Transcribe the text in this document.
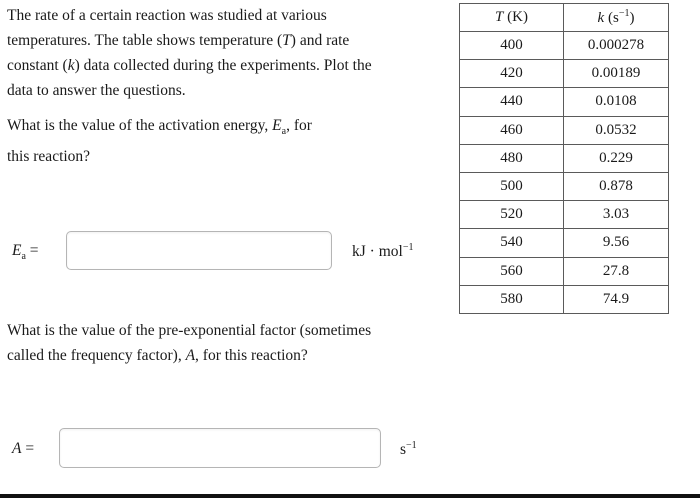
The rate of a certain reaction was studied at various
temperatures. The table shows temperature (T) and rate
constant (k) data collected during the experiments. Plot the
data to answer the questions.

What is the value of the activation energy, $E_a$, for
this reaction?

$E_a$ =	kJ · mol$^{-1}$

What is the value of the pre-exponential factor (sometimes
called the frequency factor), A, for this reaction?

A =	$s^{-1}$
T (K)	k $(s^{-1})$
400	0.000278
420	0.00189
440	0.0108
460	0.0532
480	0.229
500	0.878
520	3.03
540	9.56
560	27.8
580	74.9
